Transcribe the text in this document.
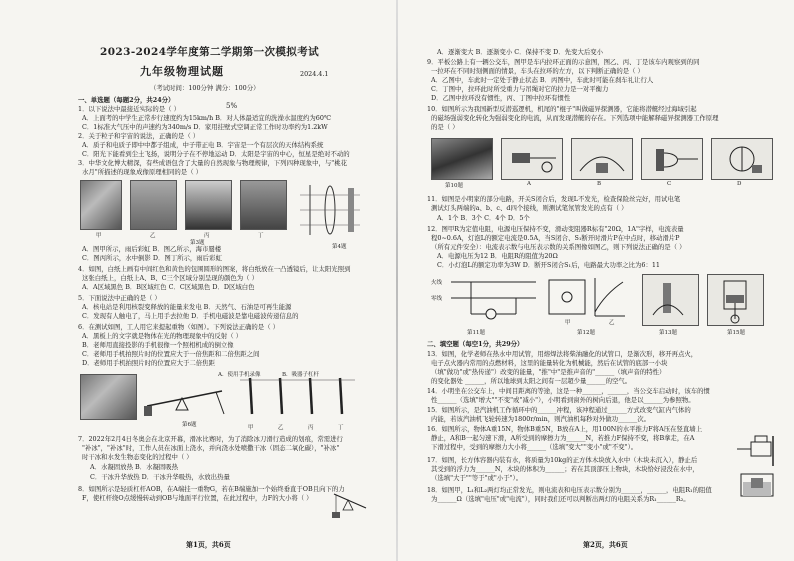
2023-2024学年度第二学期第一次模拟考试
九年级物理试题	2024.4.1
（考试时间：100分钟 满分：100分）
5%
一、单选题（每题2分，共24分）
1．以下说法中最接近实际的是（ ）
A．上面考的中学生正常步行速度约为15km/h B．对人体最适宜的洗澡水温度约为60℃
C．1标准大气压中的声速约为340m/s D．家用挂壁式空调正常工作时功率约为1.2kW
2．关于粒子和宇宙的说法，正确的是（ ）
A．质子和电质子即中中都子组成，中子带正电 B．宇宙是一个有层次的天体结构系统
C．阳光下能看到尘土飞扬，说明分子在不停地运动 D．太阳是宇宙的中心，恒星是绝对不动的
3．中华文化博大精深，有些成语包含了大量的自然现象与物理规律，下列四种现象中，与"桃花
水月"所描述的现象成像原理相同的是（ ）
甲	乙	丙	丁
第3题
第4题
A．图甲所示，雨后彩虹 B．图乙所示，海市蜃楼
C．图丙所示，水中倒影 D．图丁所示，雨后彩虹
4．如图，白纸上画有中间红色和黄色的包围圆形的图案，将白纸放在一凸透镜后，让太阳光照到
这张白纸上，白纸上A、B、C三个区域分别呈现的颜色为（ ）
A．A区域黑色 B．B区域红色 C．C区域黑色 D．D区域白色
5．下面说法中正确的是（ ）
A．核电站是利用核裂变释放的能量来发电 B．天然气、石油是可再生能源
C．发现有人触电了，马上用手去拉他 D．手机电磁波是靠电磁波传递信息的
6．在测试如图，工人用它来提起重物（如图）。下列说法正确的是（ ）
A．黑板上的文字就是物体在光的物理现象中的反射（ ）
B．老师用直接投影的手机很像一个照相机成的倒立像
C．老师用手机拍照片时的位置应大于一倍焦距和二倍焦距之间
D．老师用手机拍照片时的位置应大于二倍焦距
第6题
A．使用手机录像	B．吸器子杠杆
甲	乙	丙	丁
7．2022年2月4日冬奥会在北京开幕，滑冰比赛时，为了消除冰刀滑行造成的划痕，常需进行
"补冰"，"补冰"时，工作人员在冰面上浇水，并向浇水处喷撒干冰（固态二氧化碳），"补冰"
时干冰和水发生物态变化的过程中（ ）
A．水凝固放热 B．水凝固吸热
C．干冰升华放热 D．干冰升华吸热，水放出热量
8．如图所示是轻质杠杆AOB，在A端挂一重物G，若在B端施加一个始终垂直于OB且向下的力
F，使杠杆绕O点缓慢转动到OB与地面平行位置，在此过程中，力F的大小将（ ）
第1页，共6页
A．逐渐变大 B．逐渐变小 C．保持不变 D．先变大后变小
9．平板公路上有一辆公交车，图甲是车内拉环正面的示意图，图乙、丙、丁是该车内观察到的同
一拉环在不同时刻侧面的情景，车头在拉环的左方，以下判断正确的是（ ）
A．乙图中，车此时一定处于静止状态 B．丙图中，车此时可能在刹车礼让行人
C．丁图中，拉环此时所受重力与吊绳对它的拉力是一对平衡力
D．乙图中拉环没有惯性，丙、丁图中拉环有惯性
10．如图所示为我国新型反潜巡逻机，机尾的"棍子"叫做磁异探测器，它能将潜艇经过海域引起
的磁场强弱变化转化为强弱变化的电流，从而发现潜艇的存在。下列选项中能解释磁异探测器工作原理
的是（ ）
A	B	C	D
第10题
11．如图是小明家的部分电路，开关S闭合后，发现L不发光，检查保险丝完好，用试电笔
测试灯头两端的a、b、c、d四个接线，则测试笔氖管发光的点有（ ）
A．1个 B．3个 C．4个 D．5个
12．图甲R为定值电阻，电源电压保持不变，滑动变阻器R标有"20Ω，1A"字样，电流表量
程0~0.6A，灯泡L的额定电流是0.5A，当S闭合、S₁断开时滑片P在中点时，移动滑片P
（所有元件安全）：电流表示数与电压表示数的关系图像如图乙，则下列说法正确的是（ ）
A．电源电压为12 B．电阻R的阻值为20Ω
C．小灯泡L的额定功率为3W D．断开S闭合S₁后，电路最大功率之比为6：11
火线
零线
第11题
甲	乙
第12题	第13题	第15题
二、填空题（每空1分，共29分）
13．如图，化学老师在热水中用试管，用熔焊法将柴油融化的试管口，是渐次形，移开再点火，
电子点火器内常用的点燃材料，这里的能量转化为机械能，然后在试管的底部一小块
（填"做功"或"热传递"）改变的能量，"推"中"是推声音的"______（填声音的特性）
的变化器处 ______，所以地球到太阳之间有一层超少量______的空气。
14．小明坐在公交车上，中间目距离的等途，这是一种______，______，当公交车启动时，该车的惯
性______（选填"增大""不变"或"减小"），小明看到窗外的树向后退，他是以______为参照物。
15．如图所示，是汽油机工作循环中的______冲程，该冲程通过______方式改变气缸内气体的
内能，若该汽油机飞轮转速为1800r/min，则汽油机每秒对外做功______次。
16．如图所示，物体A重15N，物体B重5N，B放在A上，用100N的水平推力F将A压在竖直墙上
静止，A和B一起匀速下滑，A所受到的摩擦力为______N，若推力F保持不变，将B拿走，在A
下滑过程中，受到的摩擦力大小将______（选填"变大""变小"或"不变"）。
17．如图，长方体容器内装有水，将质量为10kg的正方体木块放入水中（木块未沉入），静止后
其受到的浮力为______N，木块的体积为______；若在其顶部压上物块，木块恰好浸没在水中，
（选填"大于""等于"或"小于"）。
18．如图甲，L₁和L₂两灯均正常发光，则电流表和电压表示数分别为______，______，电阻R₁的阻值
为______Ω（选填"电压"或"电流"），同时我们还可以判断出两灯的电阻关系为R₁______R₂。
第2页，共6页
